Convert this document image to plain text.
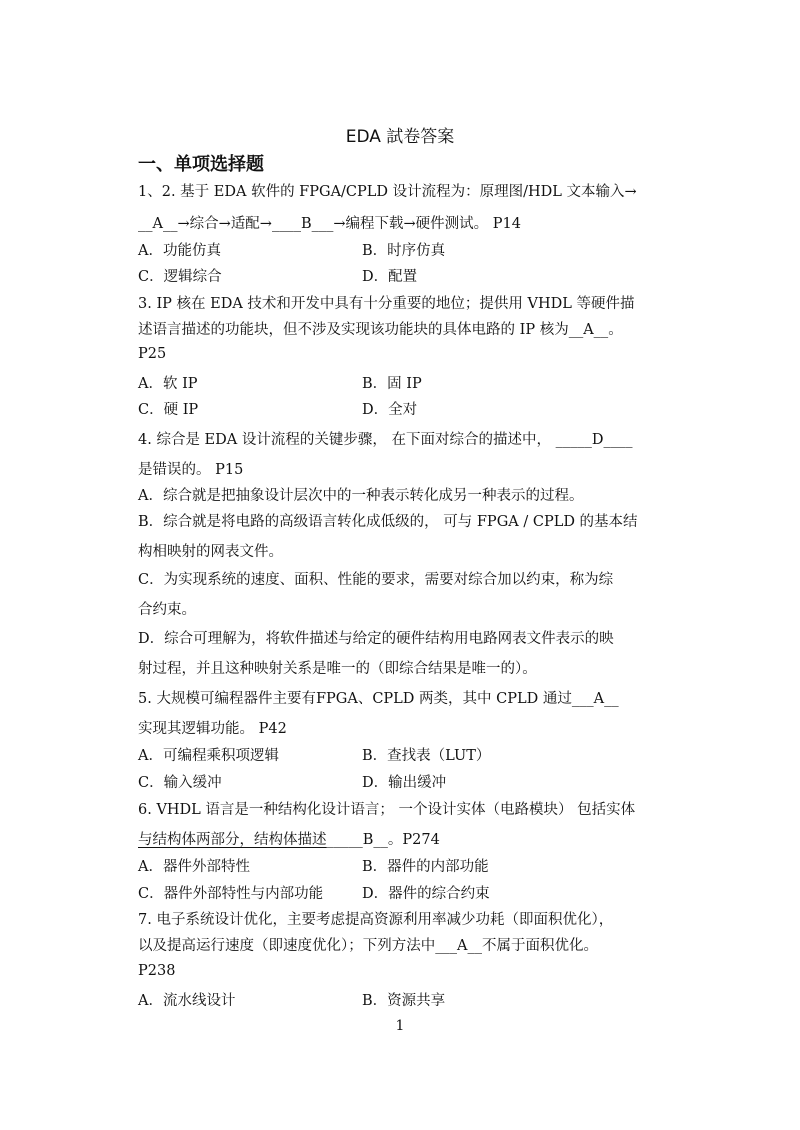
EDA 試卷答案
一、单项选择题
1、2. 基于 EDA 软件的 FPGA/CPLD 设计流程为：原理图/HDL 文本输入→
__A__→综合→适配→____B___→编程下载→硬件测试。 P14
A．功能仿真	B．时序仿真
C．逻辑综合	D．配置
3. IP 核在 EDA 技术和开发中具有十分重要的地位；提供用 VHDL 等硬件描
述语言描述的功能块，但不涉及实现该功能块的具体电路的 IP 核为__A__。
P25
A．软 IP	B．固 IP
C．硬 IP	D．全对
4. 综合是 EDA 设计流程的关键步骤， 在下面对综合的描述中， _____D____
是错误的。 P15
A．综合就是把抽象设计层次中的一种表示转化成另一种表示的过程。
B．综合就是将电路的高级语言转化成低级的， 可与 FPGA / CPLD 的基本结
构相映射的网表文件。
C．为实现系统的速度、面积、性能的要求，需要对综合加以约束，称为综
合约束。
D．综合可理解为，将软件描述与给定的硬件结构用电路网表文件表示的映
射过程，并且这种映射关系是唯一的（即综合结果是唯一的）。
5. 大规模可编程器件主要有FPGA、CPLD 两类，其中 CPLD 通过___A__
实现其逻辑功能。 P42
A．可编程乘积项逻辑	B．查找表（LUT）
C．输入缓冲	D．输出缓冲
6. VHDL 语言是一种结构化设计语言； 一个设计实体（电路模块） 包括实体
与结构体两部分，结构体描述_____B__。P274
A．器件外部特性	B．器件的内部功能
C．器件外部特性与内部功能	D．器件的综合约束
7. 电子系统设计优化，主要考虑提高资源利用率减少功耗（即面积优化），
以及提高运行速度（即速度优化）；下列方法中___A__不属于面积优化。
P238
A．流水线设计	B．资源共享
1
